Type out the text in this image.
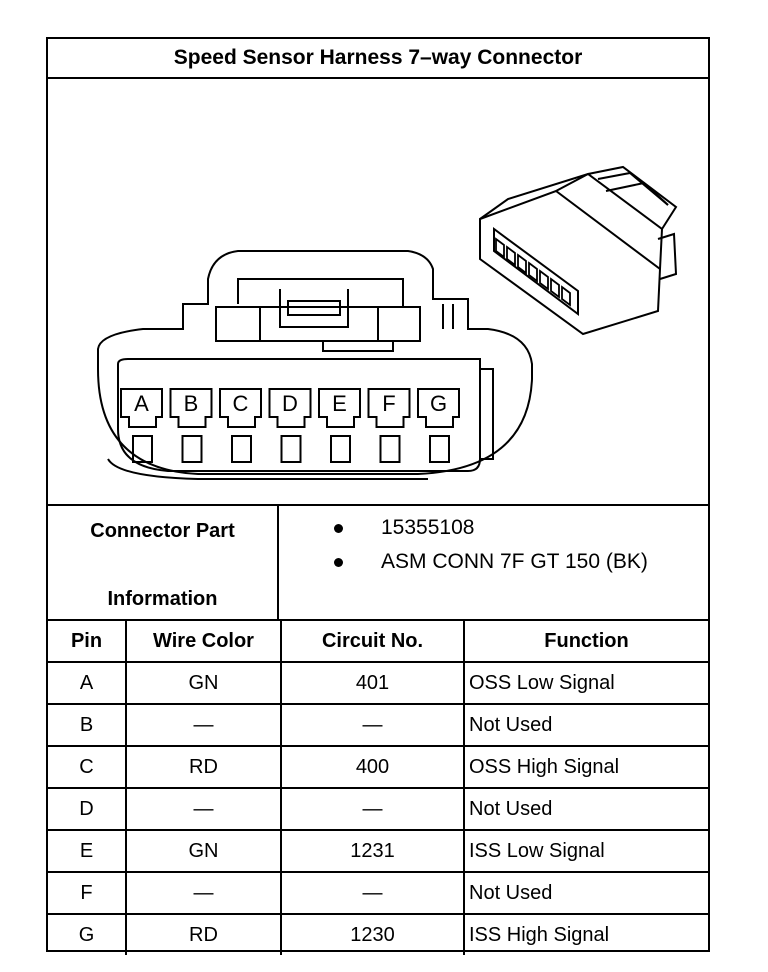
Speed Sensor Harness 7–way Connector
A B C D E F G
Connector Part
Information
15355108
ASM CONN 7F GT 150 (BK)
Pin	Wire Color	Circuit No.	Function
A	GN	401	OSS Low Signal
B	—	—	Not Used
C	RD	400	OSS High Signal
D	—	—	Not Used
E	GN	1231	ISS Low Signal
F	—	—	Not Used
G	RD	1230	ISS High Signal
